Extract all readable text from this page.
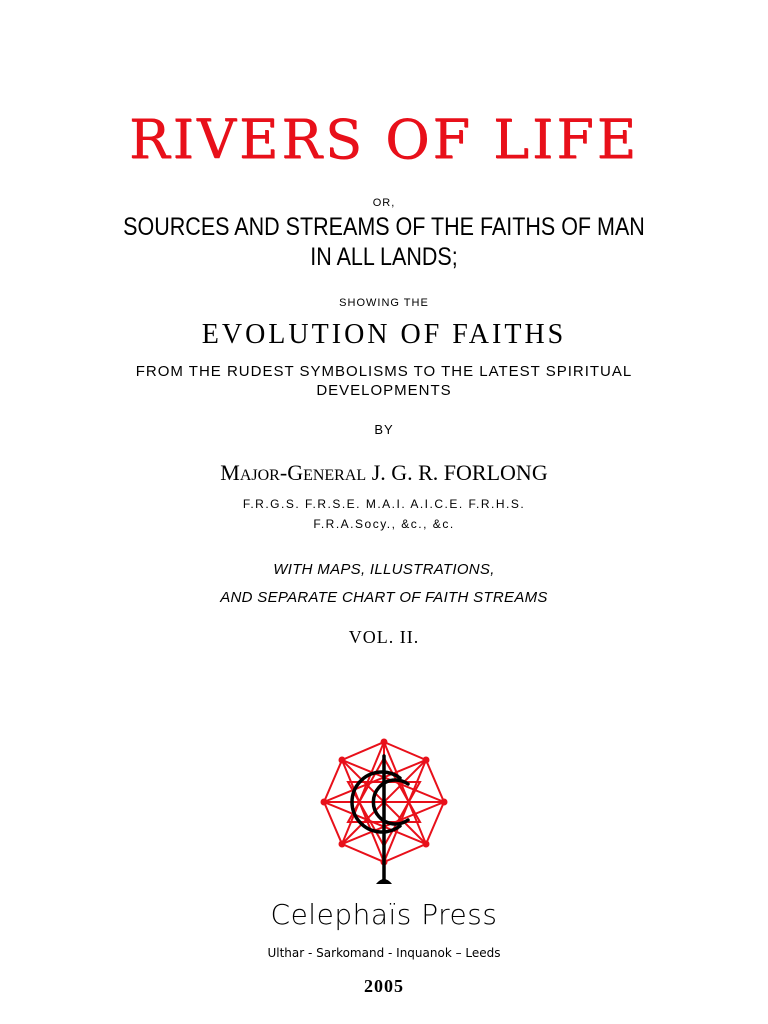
RIVERS OF LIFE
OR,
SOURCES AND STREAMS OF THE FAITHS OF MAN
IN ALL LANDS;
SHOWING THE
EVOLUTION OF FAITHS
FROM THE RUDEST SYMBOLISMS TO THE LATEST SPIRITUAL
DEVELOPMENTS
BY
MAJOR-GENERAL J. G. R. FORLONG
F.R.G.S. F.R.S.E. M.A.I. A.I.C.E. F.R.H.S.
F.R.A.Socy., &c., &c.
WITH MAPS, ILLUSTRATIONS,
AND SEPARATE CHART OF FAITH STREAMS
VOL. II.
Celephaïs Press
Ulthar - Sarkomand - Inquanok – Leeds
2005
